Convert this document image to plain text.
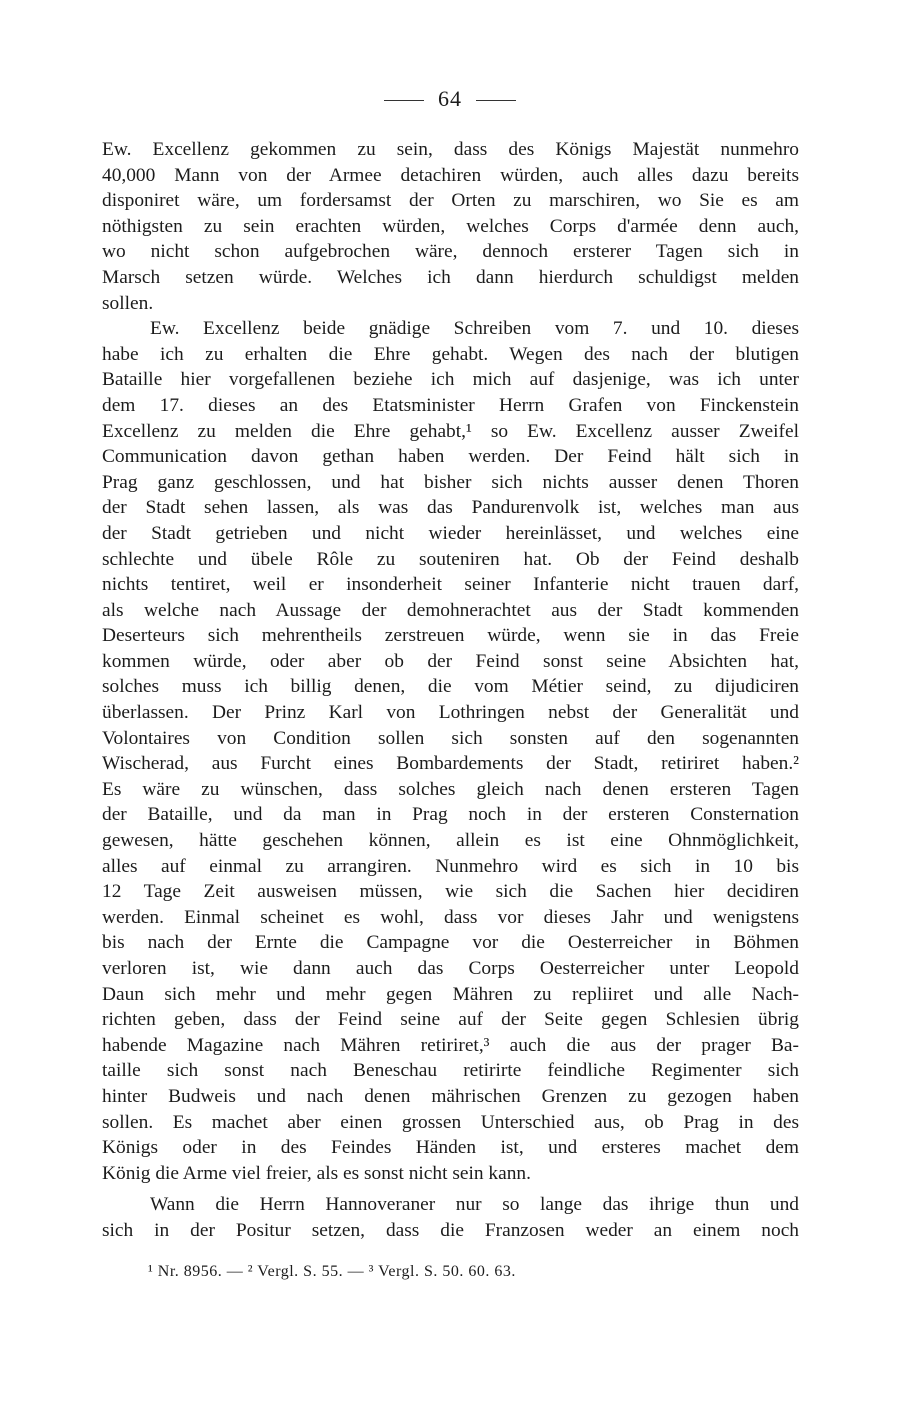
64

Ew. Excellenz gekommen zu sein, dass des Königs Majestät nunmehro

40,000 Mann von der Armee detachiren würden, auch alles dazu bereits

disponiret wäre, um fordersamst der Orten zu marschiren, wo Sie es am

nöthigsten zu sein erachten würden, welches Corps d'armée denn auch,

wo nicht schon aufgebrochen wäre, dennoch ersterer Tagen sich in

Marsch setzen würde. Welches ich dann hierdurch schuldigst melden

sollen.

Ew. Excellenz beide gnädige Schreiben vom 7. und 10. dieses

habe ich zu erhalten die Ehre gehabt. Wegen des nach der blutigen

Bataille hier vorgefallenen beziehe ich mich auf dasjenige, was ich unter

dem 17. dieses an des Etatsminister Herrn Grafen von Finckenstein

Excellenz zu melden die Ehre gehabt,¹ so Ew. Excellenz ausser Zweifel

Communication davon gethan haben werden. Der Feind hält sich in

Prag ganz geschlossen, und hat bisher sich nichts ausser denen Thoren

der Stadt sehen lassen, als was das Pandurenvolk ist, welches man aus

der Stadt getrieben und nicht wieder hereinlässet, und welches eine

schlechte und übele Rôle zu souteniren hat. Ob der Feind deshalb

nichts tentiret, weil er insonderheit seiner Infanterie nicht trauen darf,

als welche nach Aussage der demohnerachtet aus der Stadt kommenden

Deserteurs sich mehrentheils zerstreuen würde, wenn sie in das Freie

kommen würde, oder aber ob der Feind sonst seine Absichten hat,

solches muss ich billig denen, die vom Métier seind, zu dijudiciren

überlassen. Der Prinz Karl von Lothringen nebst der Generalität und

Volontaires von Condition sollen sich sonsten auf den sogenannten

Wischerad, aus Furcht eines Bombardements der Stadt, retiriret haben.²

Es wäre zu wünschen, dass solches gleich nach denen ersteren Tagen

der Bataille, und da man in Prag noch in der ersteren Consternation

gewesen, hätte geschehen können, allein es ist eine Ohnmöglichkeit,

alles auf einmal zu arrangiren. Nunmehro wird es sich in 10 bis

12 Tage Zeit ausweisen müssen, wie sich die Sachen hier decidiren

werden. Einmal scheinet es wohl, dass vor dieses Jahr und wenigstens

bis nach der Ernte die Campagne vor die Oesterreicher in Böhmen

verloren ist, wie dann auch das Corps Oesterreicher unter Leopold

Daun sich mehr und mehr gegen Mähren zu repliiret und alle Nach-

richten geben, dass der Feind seine auf der Seite gegen Schlesien übrig

habende Magazine nach Mähren retiriret,³ auch die aus der prager Ba-

taille sich sonst nach Beneschau retirirte feindliche Regimenter sich

hinter Budweis und nach denen mährischen Grenzen zu gezogen haben

sollen. Es machet aber einen grossen Unterschied aus, ob Prag in des

Königs oder in des Feindes Händen ist, und ersteres machet dem

König die Arme viel freier, als es sonst nicht sein kann.

Wann die Herrn Hannoveraner nur so lange das ihrige thun und

sich in der Positur setzen, dass die Franzosen weder an einem noch

¹ Nr. 8956. — ² Vergl. S. 55. — ³ Vergl. S. 50. 60. 63.
